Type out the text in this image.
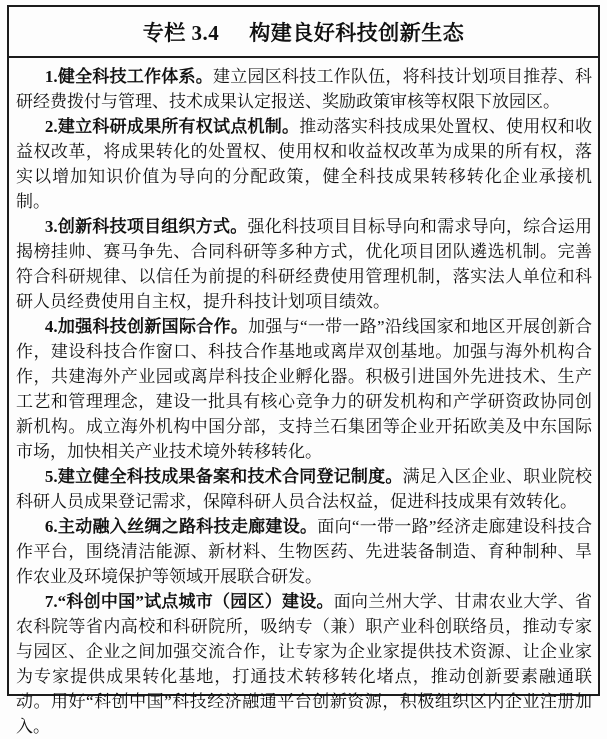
专栏 3.4 构建良好科技创新生态

1.健全科技工作体系。建立园区科技工作队伍，将科技计划项目推荐、科研经费拨付与管理、技术成果认定报送、奖励政策审核等权限下放园区。

2.建立科研成果所有权试点机制。推动落实科技成果处置权、使用权和收益权改革，将成果转化的处置权、使用权和收益权改革为成果的所有权，落实以增加知识价值为导向的分配政策，健全科技成果转移转化企业承接机制。

3.创新科技项目组织方式。强化科技项目目标导向和需求导向，综合运用揭榜挂帅、赛马争先、合同科研等多种方式，优化项目团队遴选机制。完善符合科研规律、以信任为前提的科研经费使用管理机制，落实法人单位和科研人员经费使用自主权，提升科技计划项目绩效。

4.加强科技创新国际合作。加强与“一带一路”沿线国家和地区开展创新合作，建设科技合作窗口、科技合作基地或离岸双创基地。加强与海外机构合作，共建海外产业园或离岸科技企业孵化器。积极引进国外先进技术、生产工艺和管理理念，建设一批具有核心竞争力的研发机构和产学研资政协同创新机构。成立海外机构中国分部，支持兰石集团等企业开拓欧美及中东国际市场，加快相关产业技术境外转移转化。

5.建立健全科技成果备案和技术合同登记制度。满足入区企业、职业院校科研人员成果登记需求，保障科研人员合法权益，促进科技成果有效转化。

6.主动融入丝绸之路科技走廊建设。面向“一带一路”经济走廊建设科技合作平台，围绕清洁能源、新材料、生物医药、先进装备制造、育种制种、旱作农业及环境保护等领域开展联合研发。

7.“科创中国”试点城市（园区）建设。面向兰州大学、甘肃农业大学、省农科院等省内高校和科研院所，吸纳专（兼）职产业科创联络员，推动专家与园区、企业之间加强交流合作，让专家为企业家提供技术资源、让企业家为专家提供成果转化基地，打通技术转移转化堵点，推动创新要素融通联动。用好“科创中国”科技经济融通平台创新资源，积极组织区内企业注册加入。
